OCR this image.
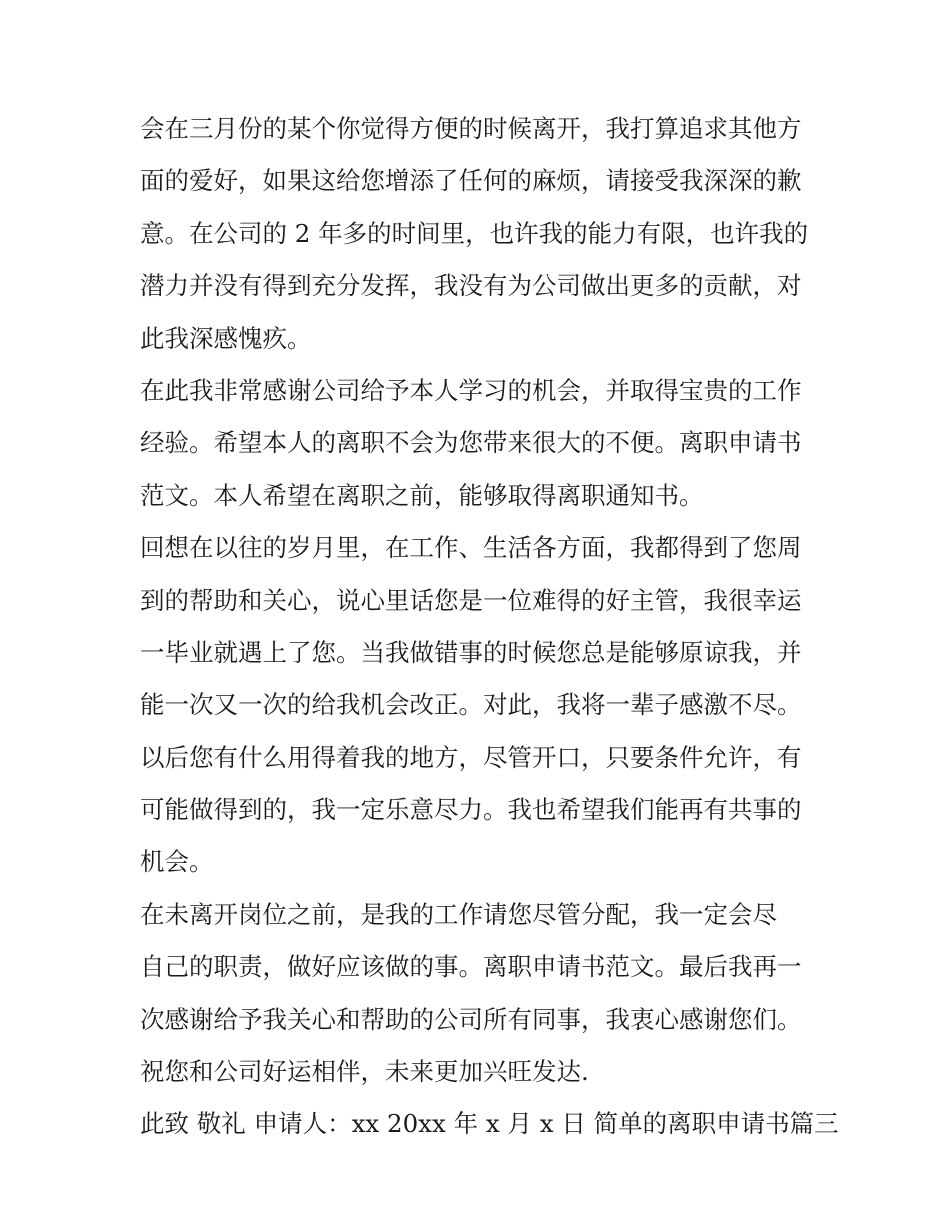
会在三月份的某个你觉得方便的时候离开，我打算追求其他方
面的爱好，如果这给您增添了任何的麻烦，请接受我深深的歉
意。在公司的 2 年多的时间里，也许我的能力有限，也许我的
潜力并没有得到充分发挥，我没有为公司做出更多的贡献，对
此我深感愧疚。
在此我非常感谢公司给予本人学习的机会，并取得宝贵的工作
经验。希望本人的离职不会为您带来很大的不便。离职申请书
范文。本人希望在离职之前，能够取得离职通知书。
回想在以往的岁月里，在工作、生活各方面，我都得到了您周
到的帮助和关心，说心里话您是一位难得的好主管，我很幸运
一毕业就遇上了您。当我做错事的时候您总是能够原谅我，并
能一次又一次的给我机会改正。对此，我将一辈子感激不尽。
以后您有什么用得着我的地方，尽管开口，只要条件允许，有
可能做得到的，我一定乐意尽力。我也希望我们能再有共事的
机会。
在未离开岗位之前，是我的工作请您尽管分配，我一定会尽
自己的职责，做好应该做的事。离职申请书范文。最后我再一
次感谢给予我关心和帮助的公司所有同事，我衷心感谢您们。
祝您和公司好运相伴，未来更加兴旺发达.
此致 敬礼 申请人：xx 20xx 年 x 月 x 日 简单的离职申请书篇三
